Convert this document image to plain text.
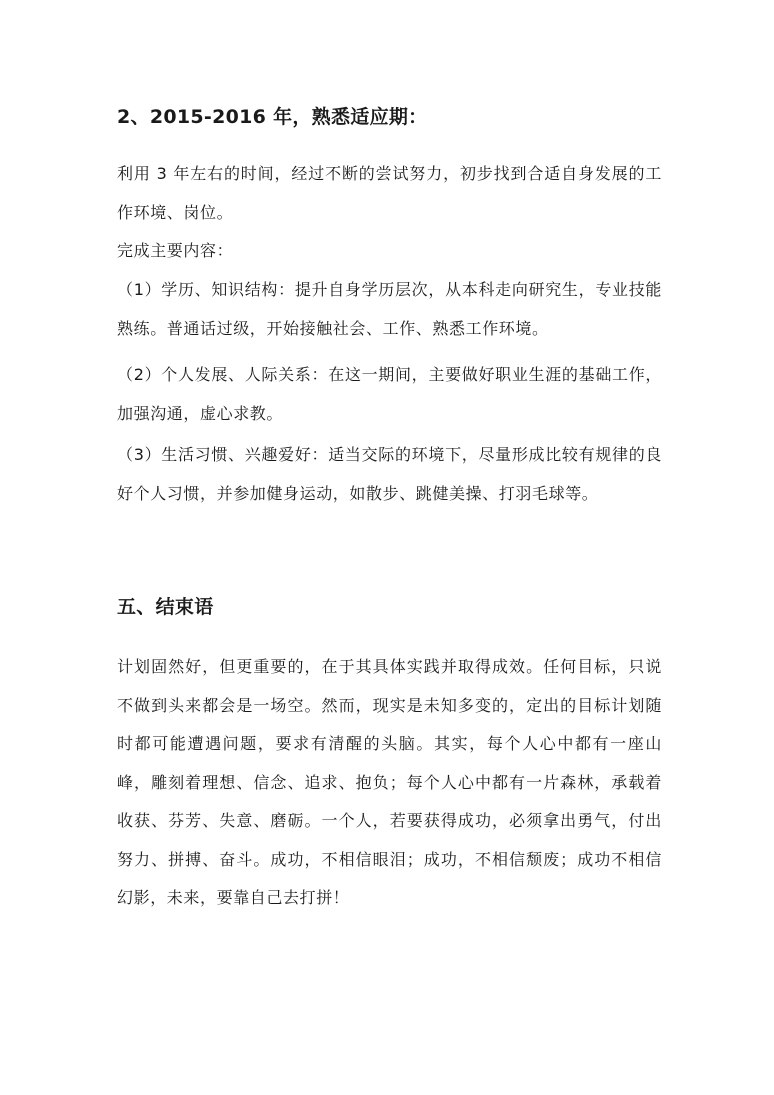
2、2015-2016 年，熟悉适应期：

利用 3 年左右的时间，经过不断的尝试努力，初步找到合适自身发展的工作环境、岗位。

完成主要内容：

（1）学历、知识结构：提升自身学历层次，从本科走向研究生，专业技能熟练。普通话过级，开始接触社会、工作、熟悉工作环境。

（2）个人发展、人际关系：在这一期间，主要做好职业生涯的基础工作，加强沟通，虚心求教。

（3）生活习惯、兴趣爱好：适当交际的环境下，尽量形成比较有规律的良好个人习惯，并参加健身运动，如散步、跳健美操、打羽毛球等。

五、结束语

计划固然好，但更重要的，在于其具体实践并取得成效。任何目标，只说不做到头来都会是一场空。然而，现实是未知多变的，定出的目标计划随时都可能遭遇问题，要求有清醒的头脑。其实，每个人心中都有一座山峰，雕刻着理想、信念、追求、抱负；每个人心中都有一片森林，承载着收获、芬芳、失意、磨砺。一个人，若要获得成功，必须拿出勇气，付出努力、拼搏、奋斗。成功，不相信眼泪；成功，不相信颓废；成功不相信幻影，未来，要靠自己去打拼！
